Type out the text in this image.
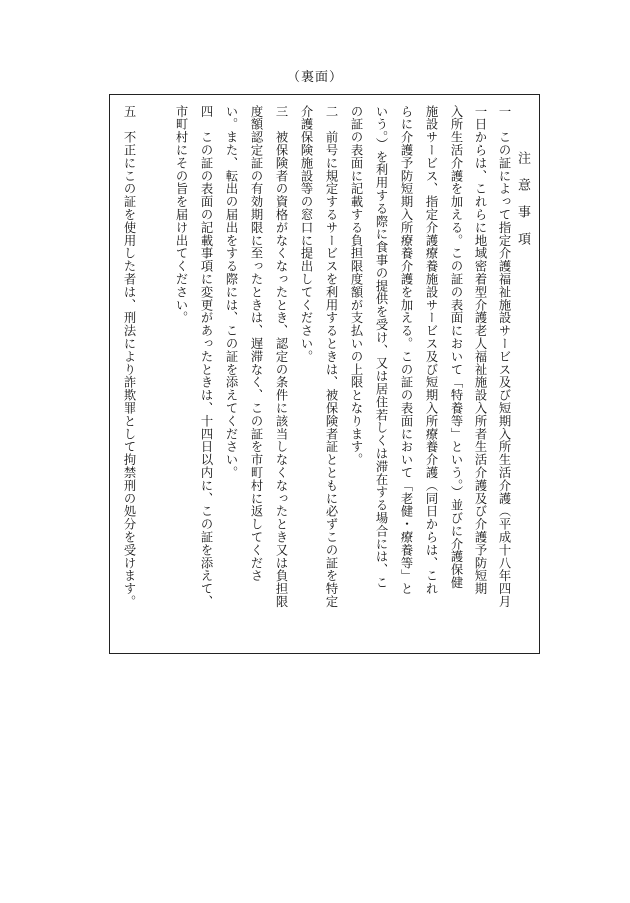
（裏面）
注意事項
一　この証によって指定介護福祉施設サービス及び短期入所生活介護（平成十八年四月
一日からは、これらに地域密着型介護老人福祉施設入所者生活介護及び介護予防短期
入所生活介護を加える。この証の表面において「特養等」という。）並びに介護保健
施設サービス、指定介護療養施設サービス及び短期入所療養介護（同日からは、これ
らに介護予防短期入所療養介護を加える。この証の表面において「老健・療養等」と
いう。）を利用する際に食事の提供を受け、又は居住若しくは滞在する場合には、こ
の証の表面に記載する負担限度額が支払いの上限となります。
二　前号に規定するサービスを利用するときは、被保険者証とともに必ずこの証を特定
介護保険施設等の窓口に提出してください。
三　被保険者の資格がなくなったとき、認定の条件に該当しなくなったとき又は負担限
度額認定証の有効期限に至ったときは、遅滞なく、この証を市町村に返してくださ
い。また、転出の届出をする際には、この証を添えてください。
四　この証の表面の記載事項に変更があったときは、十四日以内に、この証を添えて、
市町村にその旨を届け出てください。
五　不正にこの証を使用した者は、刑法により詐欺罪として拘禁刑の処分を受けます。
